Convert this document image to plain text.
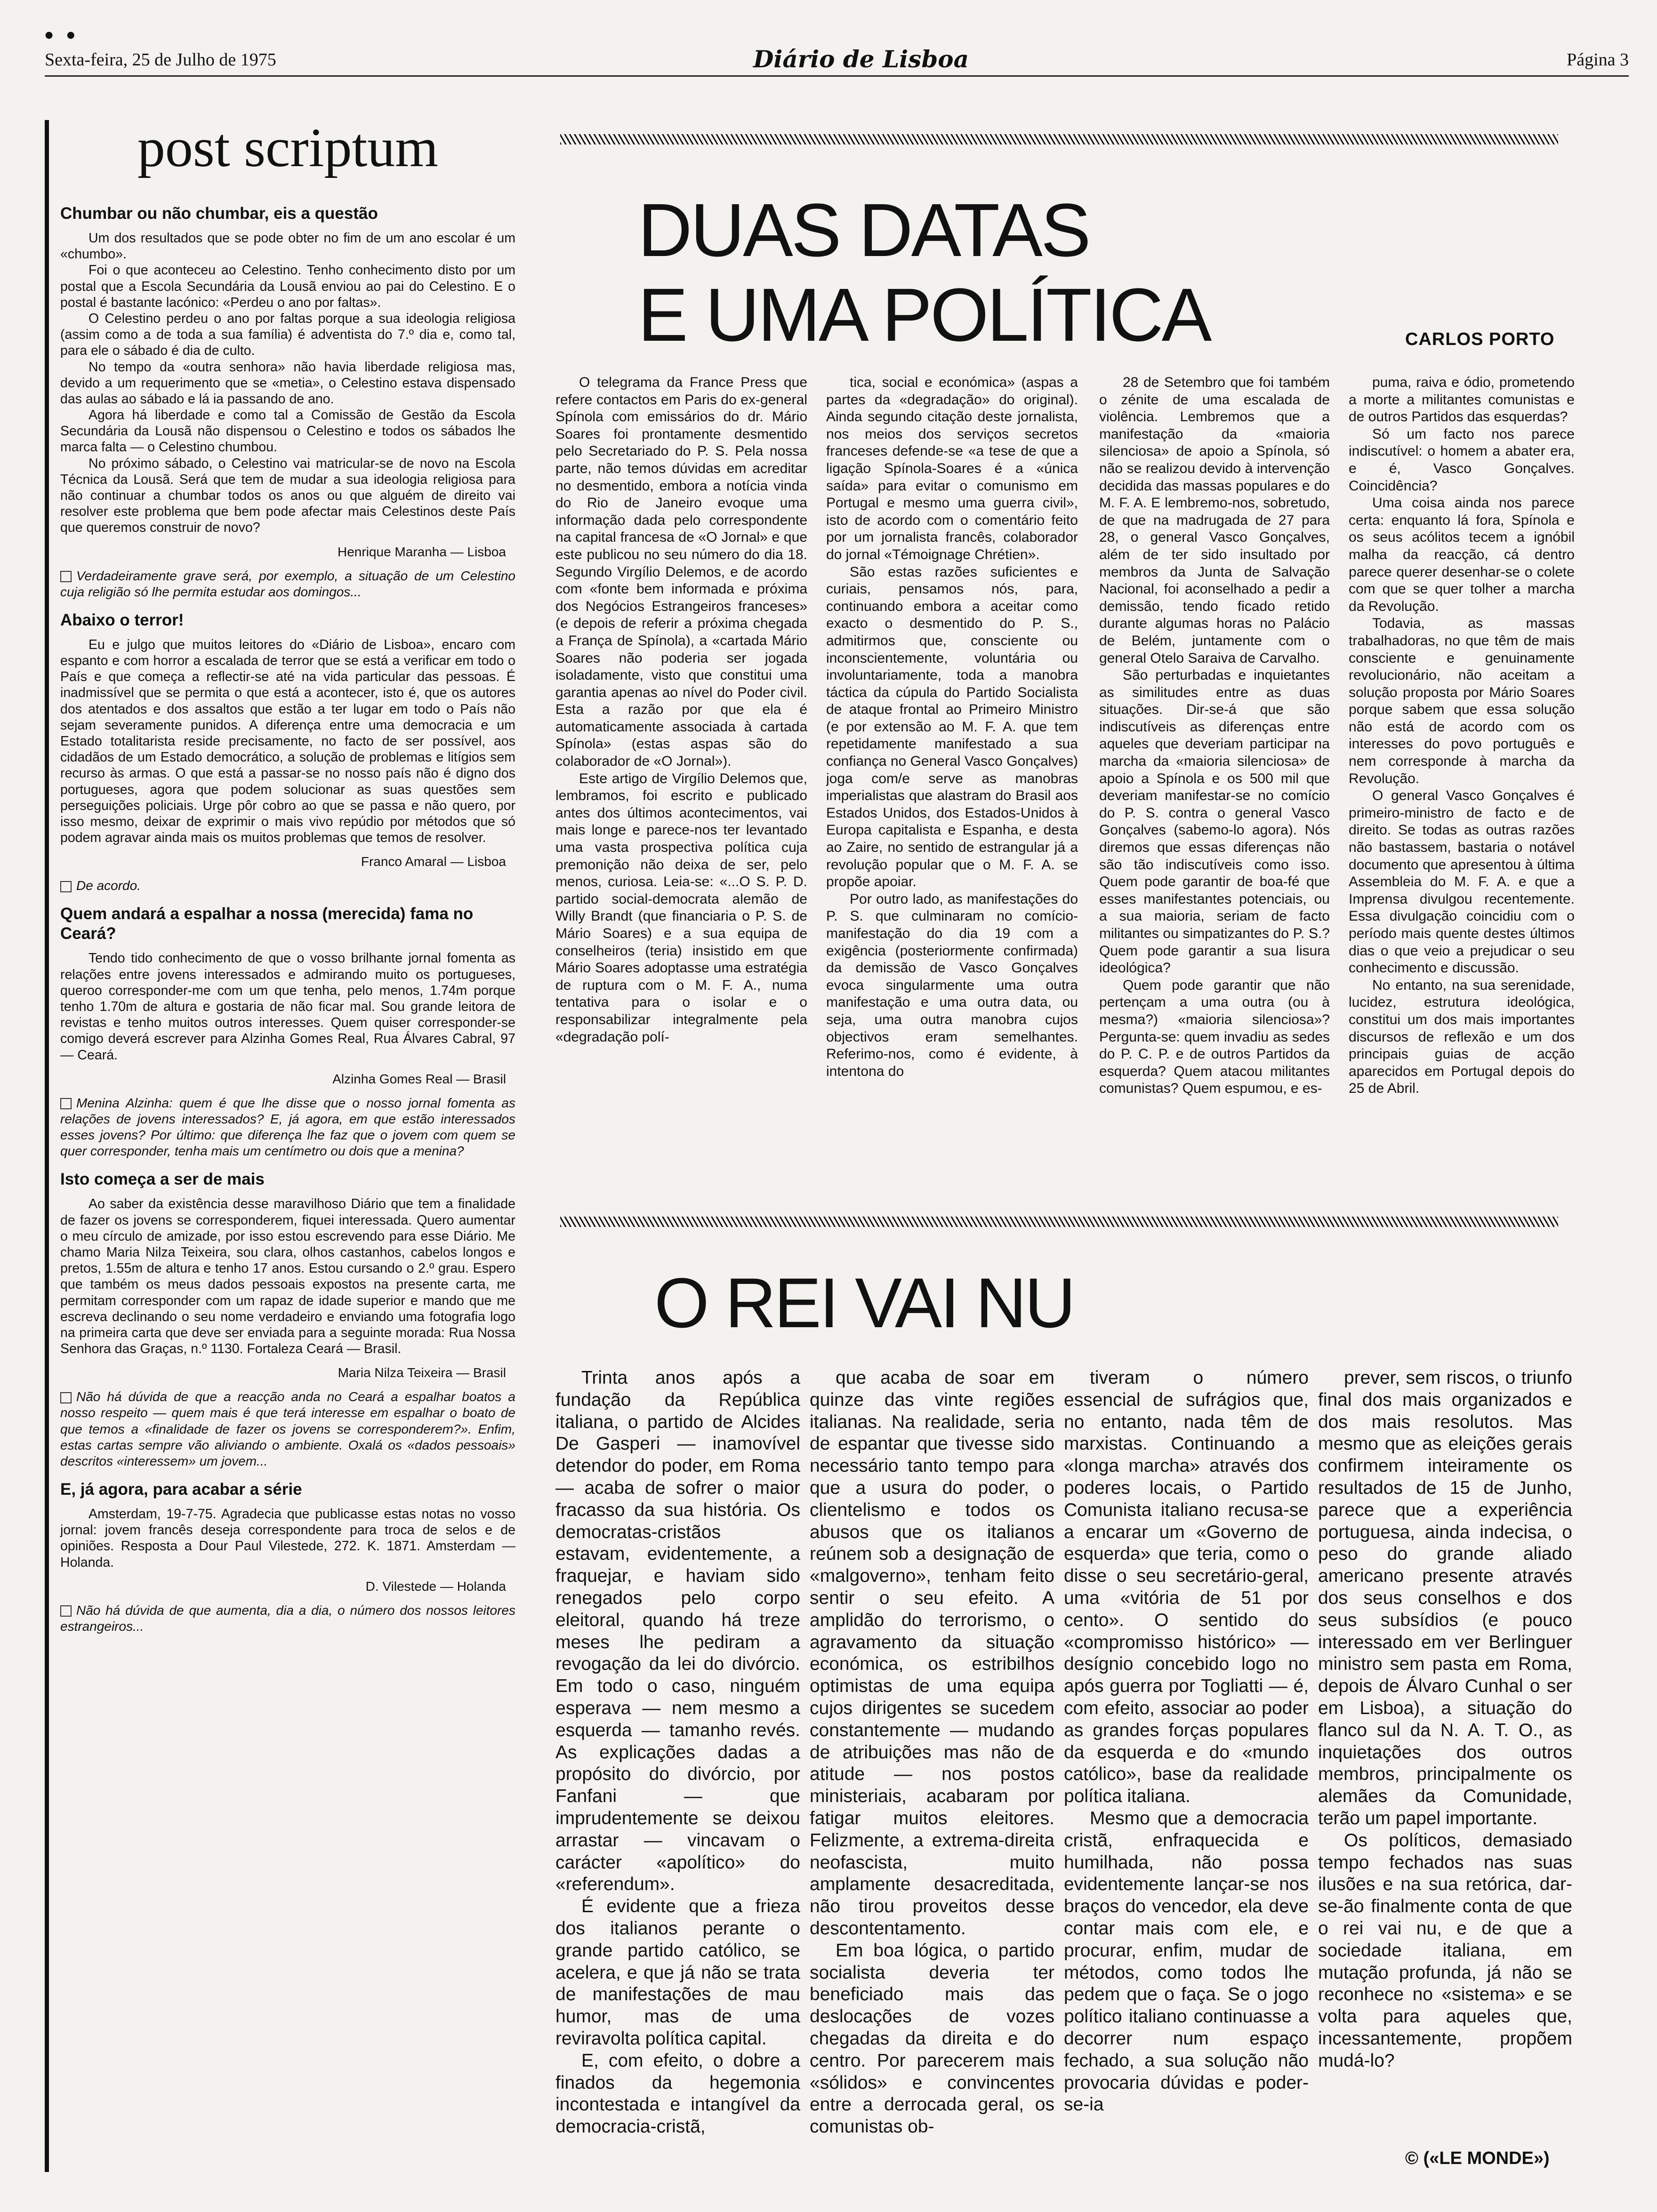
••
Sexta-feira, 25 de Julho de 1975	Diário de Lisboa	Página 3
post scriptum
Chumbar ou não chumbar, eis a questão

Um dos resultados que se pode obter no fim de um ano escolar é um «chumbo».

Foi o que aconteceu ao Celestino. Tenho conhecimento disto por um postal que a Escola Secundária da Lousã enviou ao pai do Celestino. E o postal é bastante lacónico: «Perdeu o ano por faltas».

O Celestino perdeu o ano por faltas porque a sua ideologia religiosa (assim como a de toda a sua família) é adventista do 7.º dia e, como tal, para ele o sábado é dia de culto.

No tempo da «outra senhora» não havia liberdade religiosa mas, devido a um requerimento que se «metia», o Celestino estava dispensado das aulas ao sábado e lá ia passando de ano.

Agora há liberdade e como tal a Comissão de Gestão da Escola Secundária da Lousã não dispensou o Celestino e todos os sábados lhe marca falta — o Celestino chumbou.

No próximo sábado, o Celestino vai matricular-se de novo na Escola Técnica da Lousã. Será que tem de mudar a sua ideologia religiosa para não continuar a chumbar todos os anos ou que alguém de direito vai resolver este problema que bem pode afectar mais Celestinos deste País que queremos construir de novo?

Henrique Maranha — Lisboa
Verdadeiramente grave será, por exemplo, a situação de um Celestino cuja religião só lhe permita estudar aos domingos...
Abaixo o terror!

Eu e julgo que muitos leitores do «Diário de Lisboa», encaro com espanto e com horror a escalada de terror que se está a verificar em todo o País e que começa a reflectir-se até na vida particular das pessoas. É inadmissível que se permita o que está a acontecer, isto é, que os autores dos atentados e dos assaltos que estão a ter lugar em todo o País não sejam severamente punidos. A diferença entre uma democracia e um Estado totalitarista reside precisamente, no facto de ser possível, aos cidadãos de um Estado democrático, a solução de problemas e litígios sem recurso às armas. O que está a passar-se no nosso país não é digno dos portugueses, agora que podem solucionar as suas questões sem perseguições policiais. Urge pôr cobro ao que se passa e não quero, por isso mesmo, deixar de exprimir o mais vivo repúdio por métodos que só podem agravar ainda mais os muitos problemas que temos de resolver.

Franco Amaral — Lisboa
De acordo.
Quem andará a espalhar a nossa (merecida) fama no Ceará?

Tendo tido conhecimento de que o vosso brilhante jornal fomenta as relações entre jovens interessados e admirando muito os portugueses, queroo corresponder-me com um que tenha, pelo menos, 1.74m porque tenho 1.70m de altura e gostaria de não ficar mal. Sou grande leitora de revistas e tenho muitos outros interesses. Quem quiser corresponder-se comigo deverá escrever para Alzinha Gomes Real, Rua Álvares Cabral, 97 — Ceará.

Alzinha Gomes Real — Brasil
Menina Alzinha: quem é que lhe disse que o nosso jornal fomenta as relações de jovens interessados? E, já agora, em que estão interessados esses jovens? Por último: que diferença lhe faz que o jovem com quem se quer corresponder, tenha mais um centímetro ou dois que a menina?
Isto começa a ser de mais

Ao saber da existência desse maravilhoso Diário que tem a finalidade de fazer os jovens se corresponderem, fiquei interessada. Quero aumentar o meu círculo de amizade, por isso estou escrevendo para esse Diário. Me chamo Maria Nilza Teixeira, sou clara, olhos castanhos, cabelos longos e pretos, 1.55m de altura e tenho 17 anos. Estou cursando o 2.º grau. Espero que também os meus dados pessoais expostos na presente carta, me permitam corresponder com um rapaz de idade superior e mando que me escreva declinando o seu nome verdadeiro e enviando uma fotografia logo na primeira carta que deve ser enviada para a seguinte morada: Rua Nossa Senhora das Graças, n.º 1130. Fortaleza Ceará — Brasil.

Maria Nilza Teixeira — Brasil
Não há dúvida de que a reacção anda no Ceará a espalhar boatos a nosso respeito — quem mais é que terá interesse em espalhar o boato de que temos a «finalidade de fazer os jovens se corresponderem?». Enfim, estas cartas sempre vão aliviando o ambiente. Oxalá os «dados pessoais» descritos «interessem» um jovem...
E, já agora, para acabar a série

Amsterdam, 19-7-75. Agradecia que publicasse estas notas no vosso jornal: jovem francês deseja correspondente para troca de selos e de opiniões. Resposta a Dour Paul Vilestede, 272. K. 1871. Amsterdam — Holanda.

D. Vilestede — Holanda
Não há dúvida de que aumenta, dia a dia, o número dos nossos leitores estrangeiros...
DUAS DATAS
E UMA POLÍTICA	CARLOS PORTO

O telegrama da France Press que refere contactos em Paris do ex-general Spínola com emissários do dr. Mário Soares foi prontamente desmentido pelo Secretariado do P. S. Pela nossa parte, não temos dúvidas em acreditar no desmentido, embora a notícia vinda do Rio de Janeiro evoque uma informação dada pelo correspondente na capital francesa de «O Jornal» e que este publicou no seu número do dia 18. Segundo Virgílio Delemos, e de acordo com «fonte bem informada e próxima dos Negócios Estrangeiros franceses» (e depois de referir a próxima chegada a França de Spínola), a «cartada Mário Soares não poderia ser jogada isoladamente, visto que constitui uma garantia apenas ao nível do Poder civil. Esta a razão por que ela é automaticamente associada à cartada Spínola» (estas aspas são do colaborador de «O Jornal»).

Este artigo de Virgílio Delemos que, lembramos, foi escrito e publicado antes dos últimos acontecimentos, vai mais longe e parece-nos ter levantado uma vasta prospectiva política cuja premonição não deixa de ser, pelo menos, curiosa. Leia-se: «...O S. P. D. partido social-democrata alemão de Willy Brandt (que financiaria o P. S. de Mário Soares) e a sua equipa de conselheiros (teria) insistido em que Mário Soares adoptasse uma estratégia de ruptura com o M. F. A., numa tentativa para o isolar e o responsabilizar integralmente pela «degradação polí-

tica, social e económica» (aspas a partes da «degradação» do original). Ainda segundo citação deste jornalista, nos meios dos serviços secretos franceses defende-se «a tese de que a ligação Spínola-Soares é a «única saída» para evitar o comunismo em Portugal e mesmo uma guerra civil», isto de acordo com o comentário feito por um jornalista francês, colaborador do jornal «Témoignage Chrétien».

São estas razões suficientes e curiais, pensamos nós, para, continuando embora a aceitar como exacto o desmentido do P. S., admitirmos que, consciente ou inconscientemente, voluntária ou involuntariamente, toda a manobra táctica da cúpula do Partido Socialista de ataque frontal ao Primeiro Ministro (e por extensão ao M. F. A. que tem repetidamente manifestado a sua confiança no General Vasco Gonçalves) joga com/e serve as manobras imperialistas que alastram do Brasil aos Estados Unidos, dos Estados-Unidos à Europa capitalista e Espanha, e desta ao Zaire, no sentido de estrangular já a revolução popular que o M. F. A. se propõe apoiar.

Por outro lado, as manifestações do P. S. que culminaram no comício-manifestação do dia 19 com a exigência (posteriormente confirmada) da demissão de Vasco Gonçalves evoca singularmente uma outra manifestação e uma outra data, ou seja, uma outra manobra cujos objectivos eram semelhantes. Referimo-nos, como é evidente, à intentona do

28 de Setembro que foi também o zénite de uma escalada de violência. Lembremos que a manifestação da «maioria silenciosa» de apoio a Spínola, só não se realizou devido à intervenção decidida das massas populares e do M. F. A. E lembremo-nos, sobretudo, de que na madrugada de 27 para 28, o general Vasco Gonçalves, além de ter sido insultado por membros da Junta de Salvação Nacional, foi aconselhado a pedir a demissão, tendo ficado retido durante algumas horas no Palácio de Belém, juntamente com o general Otelo Saraiva de Carvalho.

São perturbadas e inquietantes as similitudes entre as duas situações. Dir-se-á que são indiscutíveis as diferenças entre aqueles que deveriam participar na marcha da «maioria silenciosa» de apoio a Spínola e os 500 mil que deveriam manifestar-se no comício do P. S. contra o general Vasco Gonçalves (sabemo-lo agora). Nós diremos que essas diferenças não são tão indiscutíveis como isso. Quem pode garantir de boa-fé que esses manifestantes potenciais, ou a sua maioria, seriam de facto militantes ou simpatizantes do P. S.? Quem pode garantir a sua lisura ideológica?

Quem pode garantir que não pertençam a uma outra (ou à mesma?) «maioria silenciosa»? Pergunta-se: quem invadiu as sedes do P. C. P. e de outros Partidos da esquerda? Quem atacou militantes comunistas? Quem espumou, e es-

puma, raiva e ódio, prometendo a morte a militantes comunistas e de outros Partidos das esquerdas?

Só um facto nos parece indiscutível: o homem a abater era, e é, Vasco Gonçalves. Coincidência?

Uma coisa ainda nos parece certa: enquanto lá fora, Spínola e os seus acólitos tecem a ignóbil malha da reacção, cá dentro parece querer desenhar-se o colete com que se quer tolher a marcha da Revolução.

Todavia, as massas trabalhadoras, no que têm de mais consciente e genuinamente revolucionário, não aceitam a solução proposta por Mário Soares porque sabem que essa solução não está de acordo com os interesses do povo português e nem corresponde à marcha da Revolução.

O general Vasco Gonçalves é primeiro-ministro de facto e de direito. Se todas as outras razões não bastassem, bastaria o notável documento que apresentou à última Assembleia do M. F. A. e que a Imprensa divulgou recentemente. Essa divulgação coincidiu com o período mais quente destes últimos dias o que veio a prejudicar o seu conhecimento e discussão.

No entanto, na sua serenidade, lucidez, estrutura ideológica, constitui um dos mais importantes discursos de reflexão e um dos principais guias de acção aparecidos em Portugal depois do 25 de Abril.

O REI VAI NU

Trinta anos após a fundação da República italiana, o partido de Alcides De Gasperi — inamovível detendor do poder, em Roma — acaba de sofrer o maior fracasso da sua história. Os democratas-cristãos estavam, evidentemente, a fraquejar, e haviam sido renegados pelo corpo eleitoral, quando há treze meses lhe pediram a revogação da lei do divórcio. Em todo o caso, ninguém esperava — nem mesmo a esquerda — tamanho revés. As explicações dadas a propósito do divórcio, por Fanfani — que imprudentemente se deixou arrastar — vincavam o carácter «apolítico» do «referendum».

É evidente que a frieza dos italianos perante o grande partido católico, se acelera, e que já não se trata de manifestações de mau humor, mas de uma reviravolta política capital.

E, com efeito, o dobre a finados da hegemonia incontestada e intangível da democracia-cristã,

que acaba de soar em quinze das vinte regiões italianas. Na realidade, seria de espantar que tivesse sido necessário tanto tempo para que a usura do poder, o clientelismo e todos os abusos que os italianos reúnem sob a designação de «malgoverno», tenham feito sentir o seu efeito. A amplidão do terrorismo, o agravamento da situação económica, os estribilhos optimistas de uma equipa cujos dirigentes se sucedem constantemente — mudando de atribuições mas não de atitude — nos postos ministeriais, acabaram por fatigar muitos eleitores. Felizmente, a extrema-direita neofascista, muito amplamente desacreditada, não tirou proveitos desse descontentamento.

Em boa lógica, o partido socialista deveria ter beneficiado mais das deslocações de vozes chegadas da direita e do centro. Por parecerem mais «sólidos» e convincentes entre a derrocada geral, os comunistas ob-

tiveram o número essencial de sufrágios que, no entanto, nada têm de marxistas. Continuando a «longa marcha» através dos poderes locais, o Partido Comunista italiano recusa-se a encarar um «Governo de esquerda» que teria, como o disse o seu secretário-geral, uma «vitória de 51 por cento». O sentido do «compromisso histórico» — desígnio concebido logo no após guerra por Togliatti — é, com efeito, associar ao poder as grandes forças populares da esquerda e do «mundo católico», base da realidade política italiana.

Mesmo que a democracia cristã, enfraquecida e humilhada, não possa evidentemente lançar-se nos braços do vencedor, ela deve contar mais com ele, e procurar, enfim, mudar de métodos, como todos lhe pedem que o faça. Se o jogo político italiano continuasse a decorrer num espaço fechado, a sua solução não provocaria dúvidas e poder-se-ia

prever, sem riscos, o triunfo final dos mais organizados e dos mais resolutos. Mas mesmo que as eleições gerais confirmem inteiramente os resultados de 15 de Junho, parece que a experiência portuguesa, ainda indecisa, o peso do grande aliado americano presente através dos seus conselhos e dos seus subsídios (e pouco interessado em ver Berlinguer ministro sem pasta em Roma, depois de Álvaro Cunhal o ser em Lisboa), a situação do flanco sul da N. A. T. O., as inquietações dos outros membros, principalmente os alemães da Comunidade, terão um papel importante.

Os políticos, demasiado tempo fechados nas suas ilusões e na sua retórica, dar-se-ão finalmente conta de que o rei vai nu, e de que a sociedade italiana, em mutação profunda, já não se reconhece no «sistema» e se volta para aqueles que, incessantemente, propõem mudá-lo?

© («LE MONDE»)
